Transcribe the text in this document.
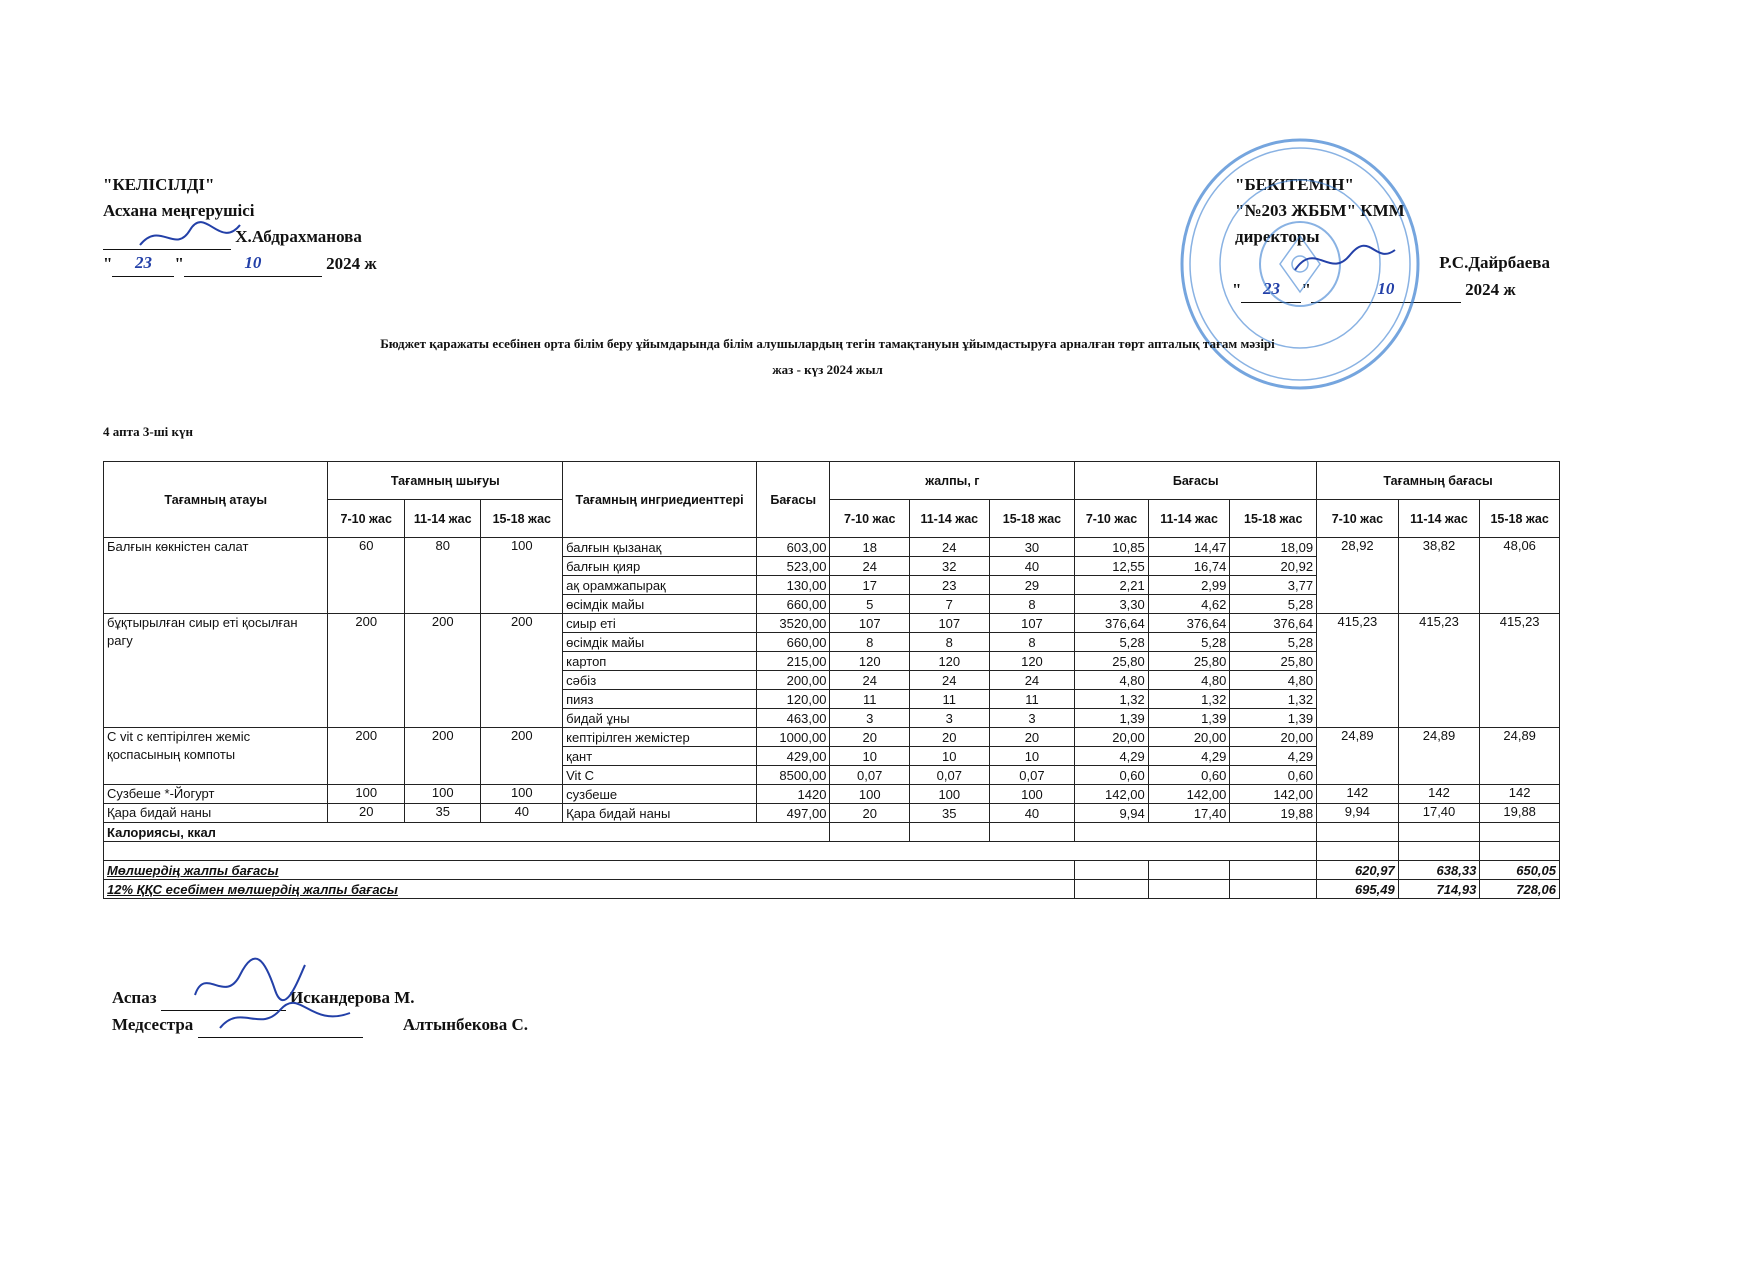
"КЕЛІСІЛДІ"
Асхана меңгерушісі
Х.Абдрахманова
" 23 "	10	2024 ж
"БЕКІТЕМІН"
"№203 ЖББМ" КММ
директоры
Р.С.Дайрбаева
" 23 "	10	2024 ж
Бюджет қаражаты есебінен орта білім беру ұйымдарында білім алушылардың тегін тамақтануын ұйымдастыруға арналған төрт апталық тағам мәзірі
жаз - күз 2024 жыл
4 апта 3-ші күн
Тағамның атауы	Тағамның шығуы			Тағамның ингриедиенттері	Бағасы	жалпы, г			Бағасы			Тағамның бағасы		
	7-10 жас	11-14 жас	15-18 жас			7-10 жас	11-14 жас	15-18 жас	7-10 жас	11-14 жас	15-18 жас	7-10 жас	11-14 жас	15-18 жас
Балғын көкністен салат	60	80	100	балғын қызанақ	603,00	18	24	30	10,85	14,47	18,09	28,92	38,82	48,06
				балғын қияр	523,00	24	32	40	12,55	16,74	20,92			
				ақ орамжапырақ	130,00	17	23	29	2,21	2,99	3,77			
				өсімдік майы	660,00	5	7	8	3,30	4,62	5,28			
бұқтырылған сиыр еті қосылған рагу	200	200	200	сиыр еті	3520,00	107	107	107	376,64	376,64	376,64	415,23	415,23	415,23
				өсімдік майы	660,00	8	8	8	5,28	5,28	5,28			
				картоп	215,00	120	120	120	25,80	25,80	25,80			
				сәбіз	200,00	24	24	24	4,80	4,80	4,80			
				пияз	120,00	11	11	11	1,32	1,32	1,32			
				бидай ұны	463,00	3	3	3	1,39	1,39	1,39			
С vit с кептірілген жеміс қоспасының компоты	200	200	200	кептірілген жемістер	1000,00	20	20	20	20,00	20,00	20,00	24,89	24,89	24,89
				қант	429,00	10	10	10	4,29	4,29	4,29			
				Vit C	8500,00	0,07	0,07	0,07	0,60	0,60	0,60			
Сузбеше *-Йогурт	100	100	100	сузбеше	1420	100	100	100	142,00	142,00	142,00	142	142	142
Қара бидай наны	20	35	40	Қара бидай наны	497,00	20	35	40	9,94	17,40	19,88	9,94	17,40	19,88
Калориясы, ккал														

Мөлшердің жалпы бағасы												620,97	638,33	650,05
12% ҚҚС есебімен мөлшердің жалпы бағасы												695,49	714,93	728,06
Аспаз	Искандерова М.
Медсестра	Алтынбекова С.
